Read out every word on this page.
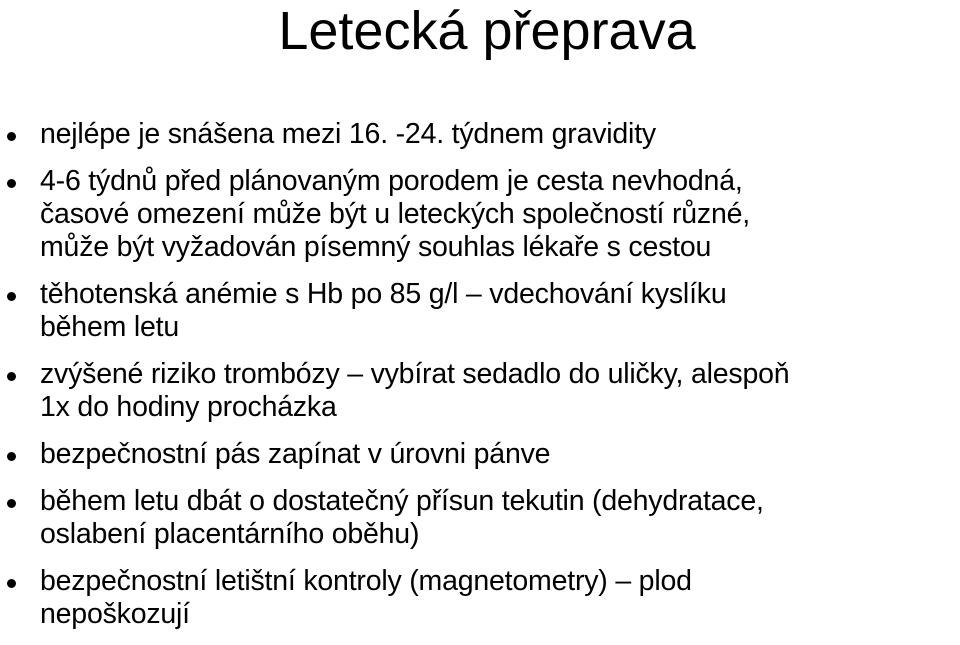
Letecká přeprava
nejlépe je snášena mezi 16. -24. týdnem gravidity
4-6 týdnů před plánovaným porodem je cesta nevhodná,
časové omezení může být u leteckých společností různé,
může být vyžadován písemný souhlas lékaře s cestou
těhotenská anémie s Hb po 85 g/l – vdechování kyslíku
během letu
zvýšené riziko trombózy – vybírat sedadlo do uličky, alespoň
1x do hodiny procházka
bezpečnostní pás zapínat v úrovni pánve
během letu dbát o dostatečný přísun tekutin (dehydratace,
oslabení placentárního oběhu)
bezpečnostní letištní kontroly (magnetometry) – plod
nepoškozují
